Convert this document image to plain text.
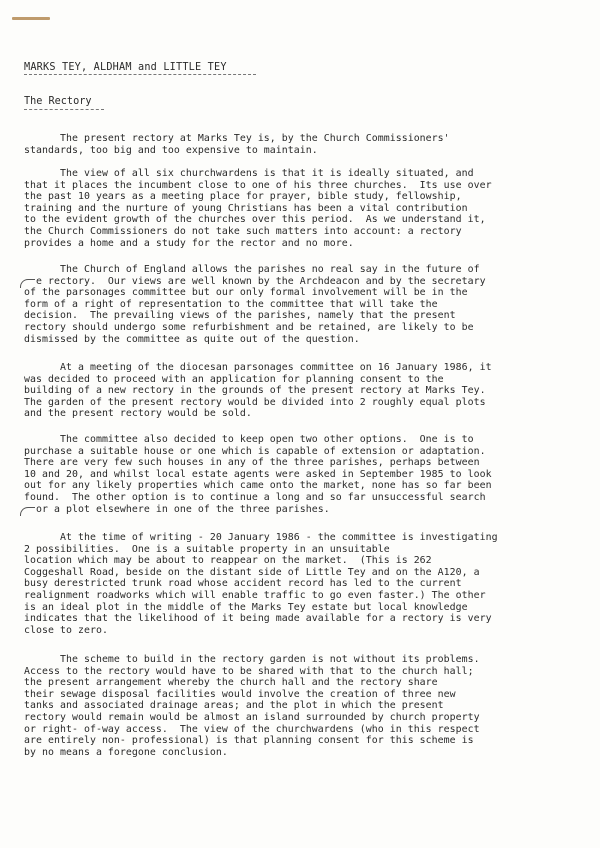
MARKS TEY, ALDHAM and LITTLE TEY
The Rectory
The present rectory at Marks Tey is, by the Church Commissioners'
standards, too big and too expensive to maintain.
The view of all six churchwardens is that it is ideally situated, and
that it places the incumbent close to one of his three churches.  Its use over
the past 10 years as a meeting place for prayer, bible study, fellowship,
training and the nurture of young Christians has been a vital contribution
to the evident growth of the churches over this period.  As we understand it,
the Church Commissioners do not take such matters into account: a rectory
provides a home and a study for the rector and no more.
The Church of England allows the parishes no real say in the future of
e rectory.  Our views are well known by the Archdeacon and by the secretary
of the parsonages committee but our only formal involvement will be in the
form of a right of representation to the committee that will take the
decision.  The prevailing views of the parishes, namely that the present
rectory should undergo some refurbishment and be retained, are likely to be
dismissed by the committee as quite out of the question.
At a meeting of the diocesan parsonages committee on 16 January 1986, it
was decided to proceed with an application for planning consent to the
building of a new rectory in the grounds of the present rectory at Marks Tey.
The garden of the present rectory would be divided into 2 roughly equal plots
and the present rectory would be sold.
The committee also decided to keep open two other options.  One is to
purchase a suitable house or one which is capable of extension or adaptation.
There are very few such houses in any of the three parishes, perhaps between
10 and 20, and whilst local estate agents were asked in September 1985 to look
out for any likely properties which came onto the market, none has so far been
found.  The other option is to continue a long and so far unsuccessful search
or a plot elsewhere in one of the three parishes.
At the time of writing - 20 January 1986 - the committee is investigating
2 possibilities.  One is a suitable property in an unsuitable
location which may be about to reappear on the market.  (This is 262
Coggeshall Road, beside on the distant side of Little Tey and on the A120, a
busy derestricted trunk road whose accident record has led to the current
realignment roadworks which will enable traffic to go even faster.) The other
is an ideal plot in the middle of the Marks Tey estate but local knowledge
indicates that the likelihood of it being made available for a rectory is very
close to zero.
The scheme to build in the rectory garden is not without its problems.
Access to the rectory would have to be shared with that to the church hall;
the present arrangement whereby the church hall and the rectory share
their sewage disposal facilities would involve the creation of three new
tanks and associated drainage areas; and the plot in which the present
rectory would remain would be almost an island surrounded by church property
or right- of-way access.  The view of the churchwardens (who in this respect
are entirely non- professional) is that planning consent for this scheme is
by no means a foregone conclusion.
